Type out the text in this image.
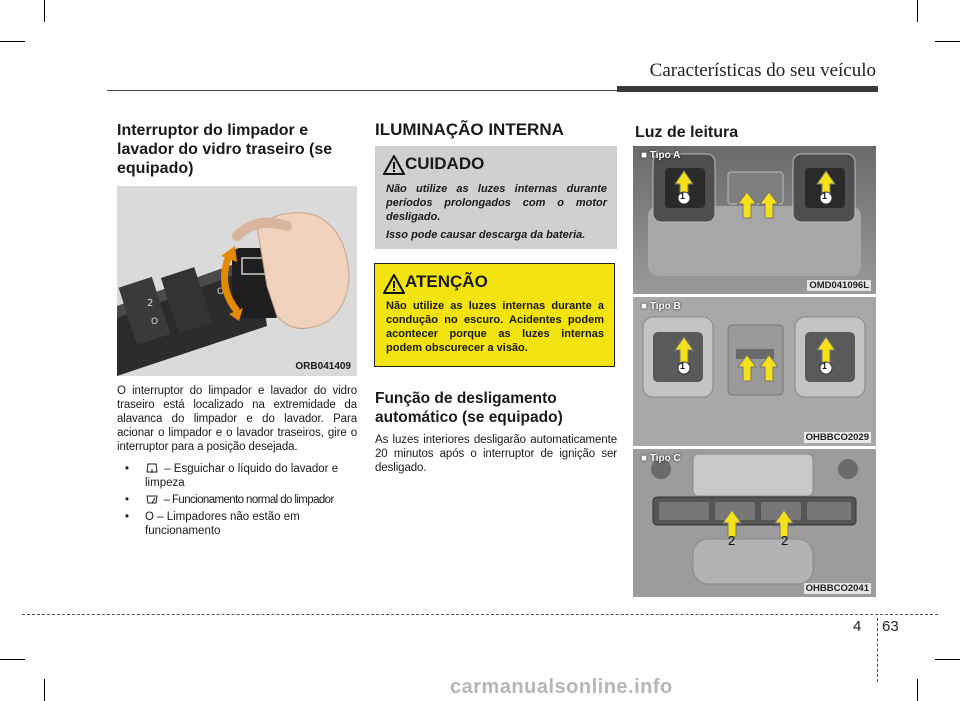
Características do seu veículo
Interruptor do limpador e lavador do vidro traseiro (se equipado)
2
O
O
ORB041409
O interruptor do limpador e lavador do vidro traseiro está localizado na extremidade da alavanca do limpador e do lavador. Para acionar o limpador e o lavador traseiros, gire o interruptor para a posição desejada.
•	– Esguichar o líquido do lavador e limpeza
•	– Funcionamento normal do limpador
• O – Limpadores não estão em funcionamento
ILUMINAÇÃO INTERNA
CUIDADO
Não utilize as luzes internas durante períodos prolongados com o motor desligado.
Isso pode causar descarga da bateria.
ATENÇÃO
Não utilize as luzes internas durante a condução no escuro. Acidentes podem acontecer porque as luzes internas podem obscurecer a visão.
Função de desligamento automático (se equipado)
As luzes interiores desligarão automaticamente 20 minutos após o interruptor de ignição ser desligado.
Luz de leitura
■ Tipo A
1	1
OMD041096L
■ Tipo B
1	1
OHBBCO2029
■ Tipo C
2	2
OHBBCO2041
4 63
carmanualsonline.info
